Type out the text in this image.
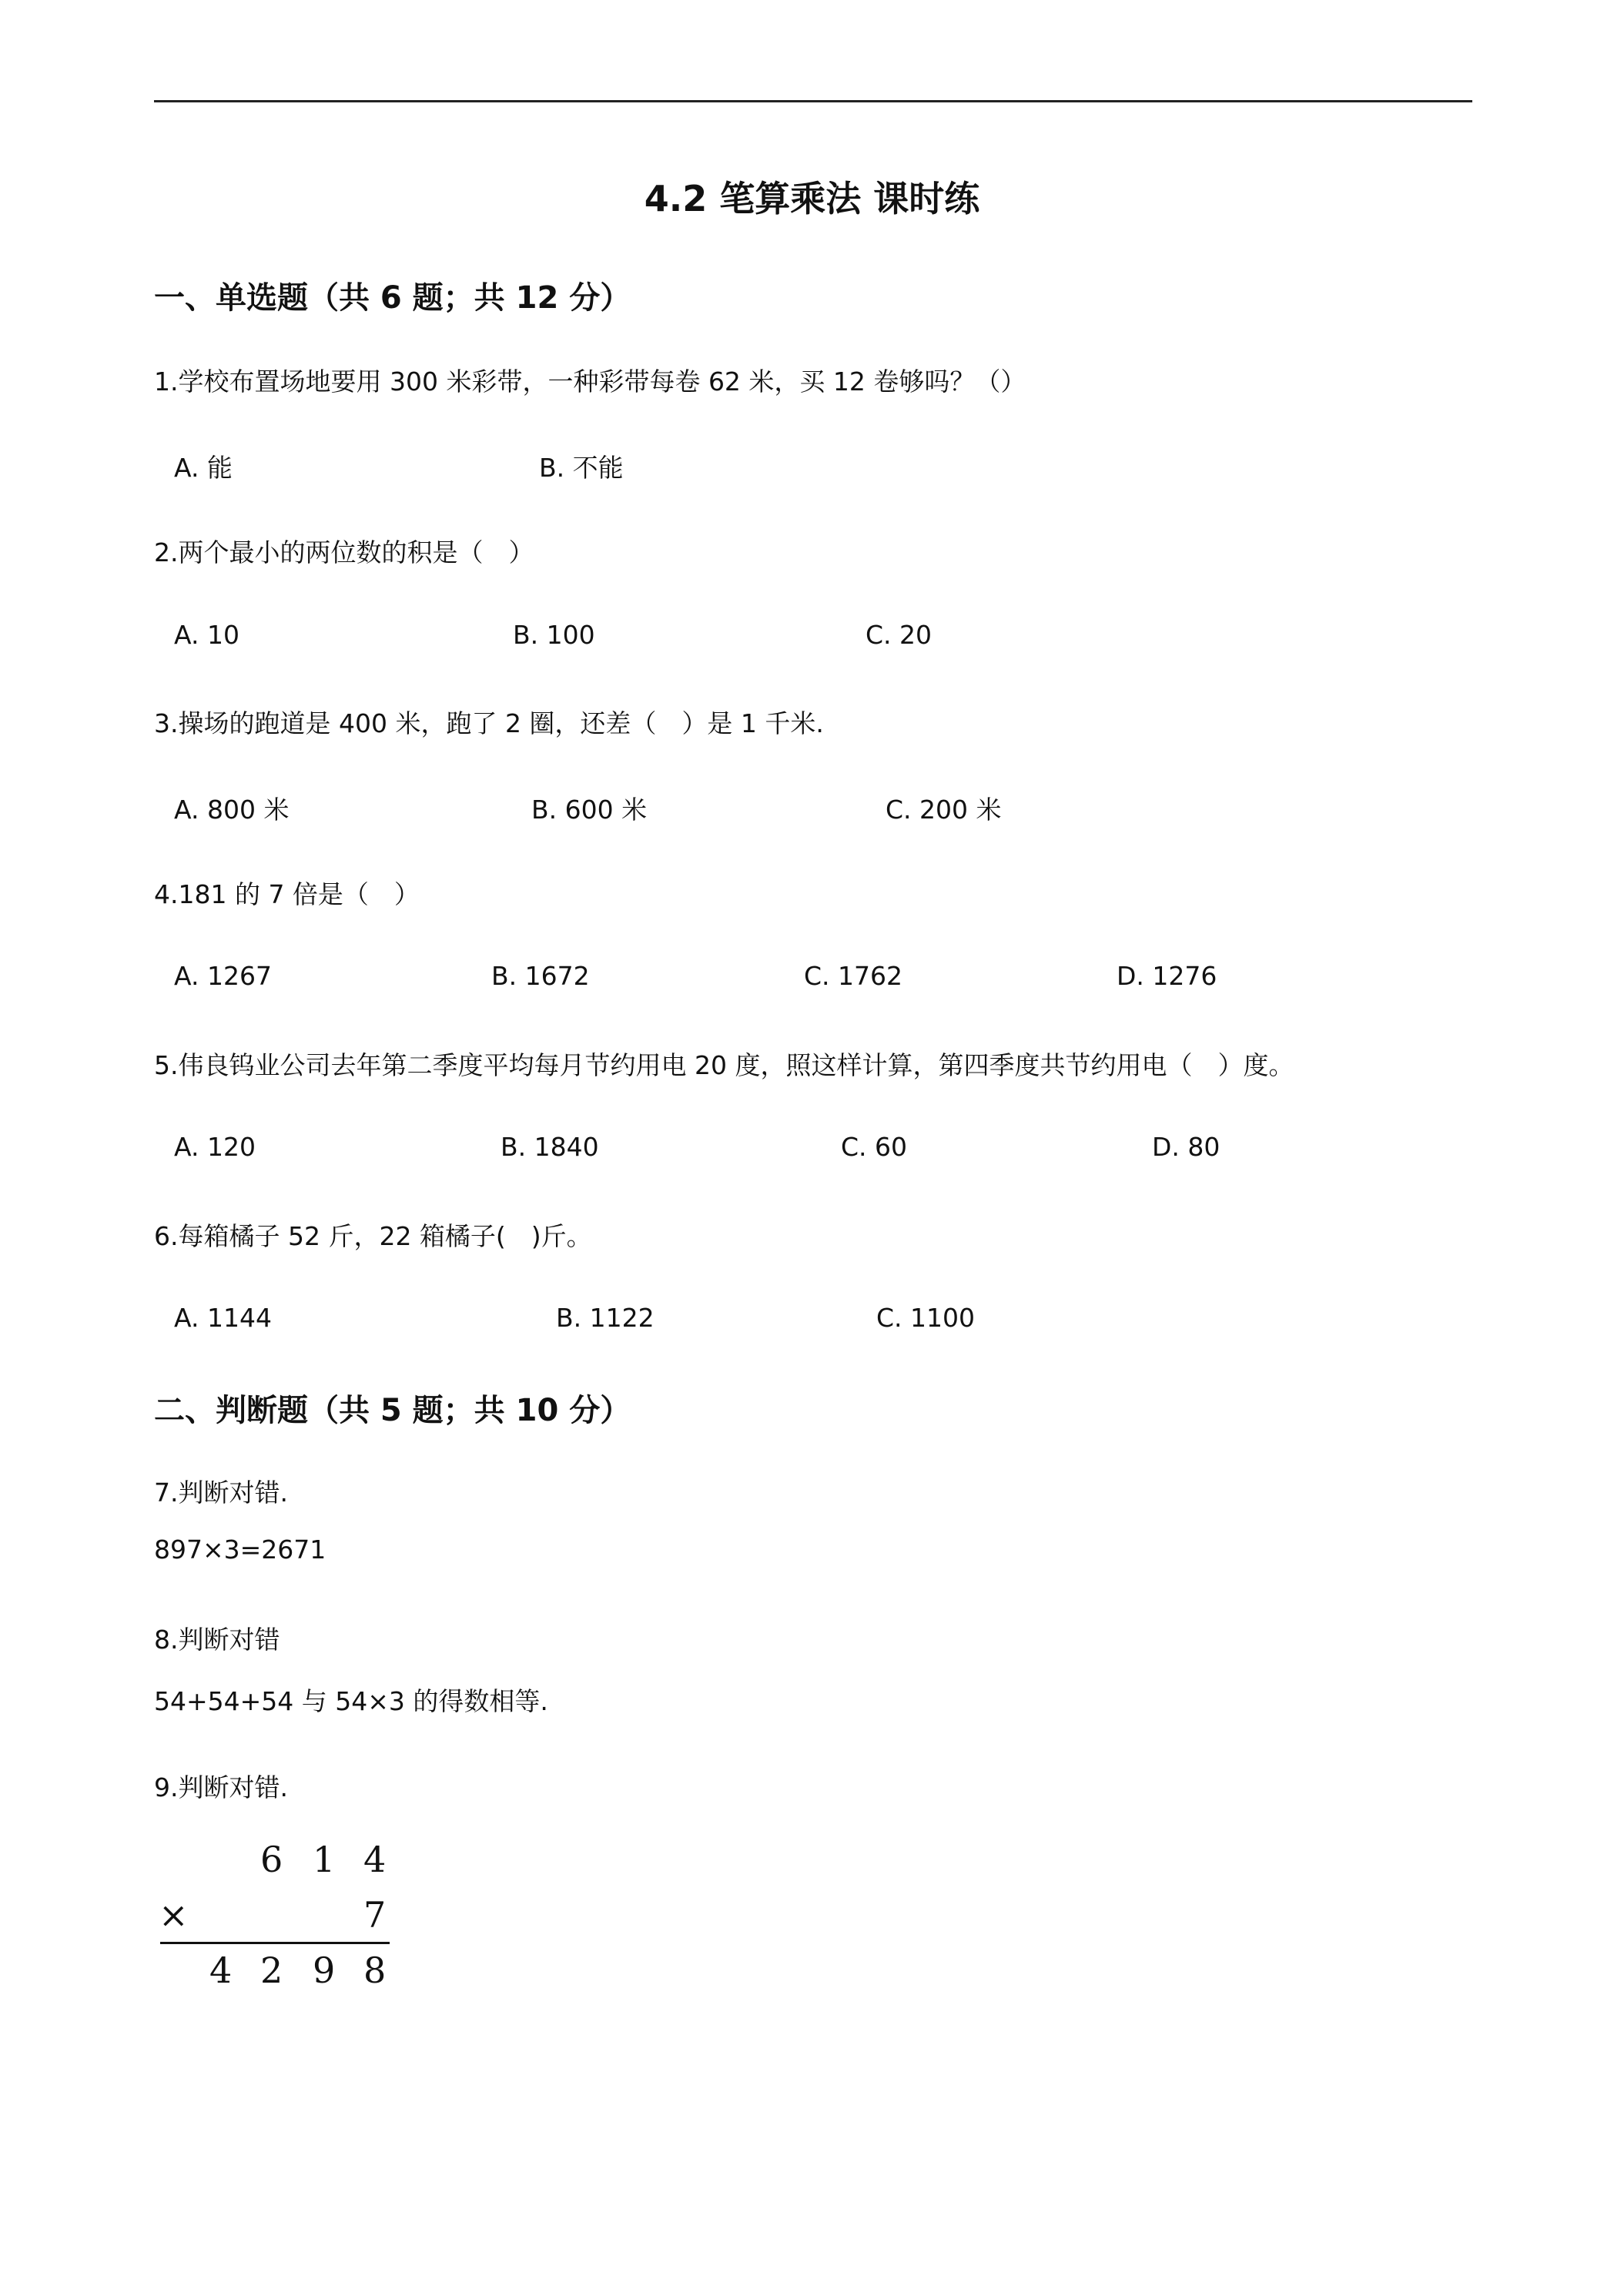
4.2 笔算乘法 课时练
一、单选题（共 6 题；共 12 分）
1.学校布置场地要用 300 米彩带，一种彩带每卷 62 米，买 12 卷够吗？（）
A. 能	B. 不能
2.两个最小的两位数的积是（　）
A. 10	B. 100	C. 20
3.操场的跑道是 400 米，跑了 2 圈，还差（　）是 1 千米.
A. 800 米	B. 600 米	C. 200 米
4.181 的 7 倍是（　）
A. 1267	B. 1672	C. 1762	D. 1276
5.伟良钨业公司去年第二季度平均每月节约用电 20 度，照这样计算，第四季度共节约用电（　）度。
A. 120	B. 1840	C. 60	D. 80
6.每箱橘子 52 斤，22 箱橘子(　)斤。
A. 1144	B. 1122	C. 1100
二、判断题（共 5 题；共 10 分）
7.判断对错.
897×3=2671
8.判断对错
54+54+54 与 54×3 的得数相等.
9.判断对错.
6 1 4
×	7
4 2 9 8
